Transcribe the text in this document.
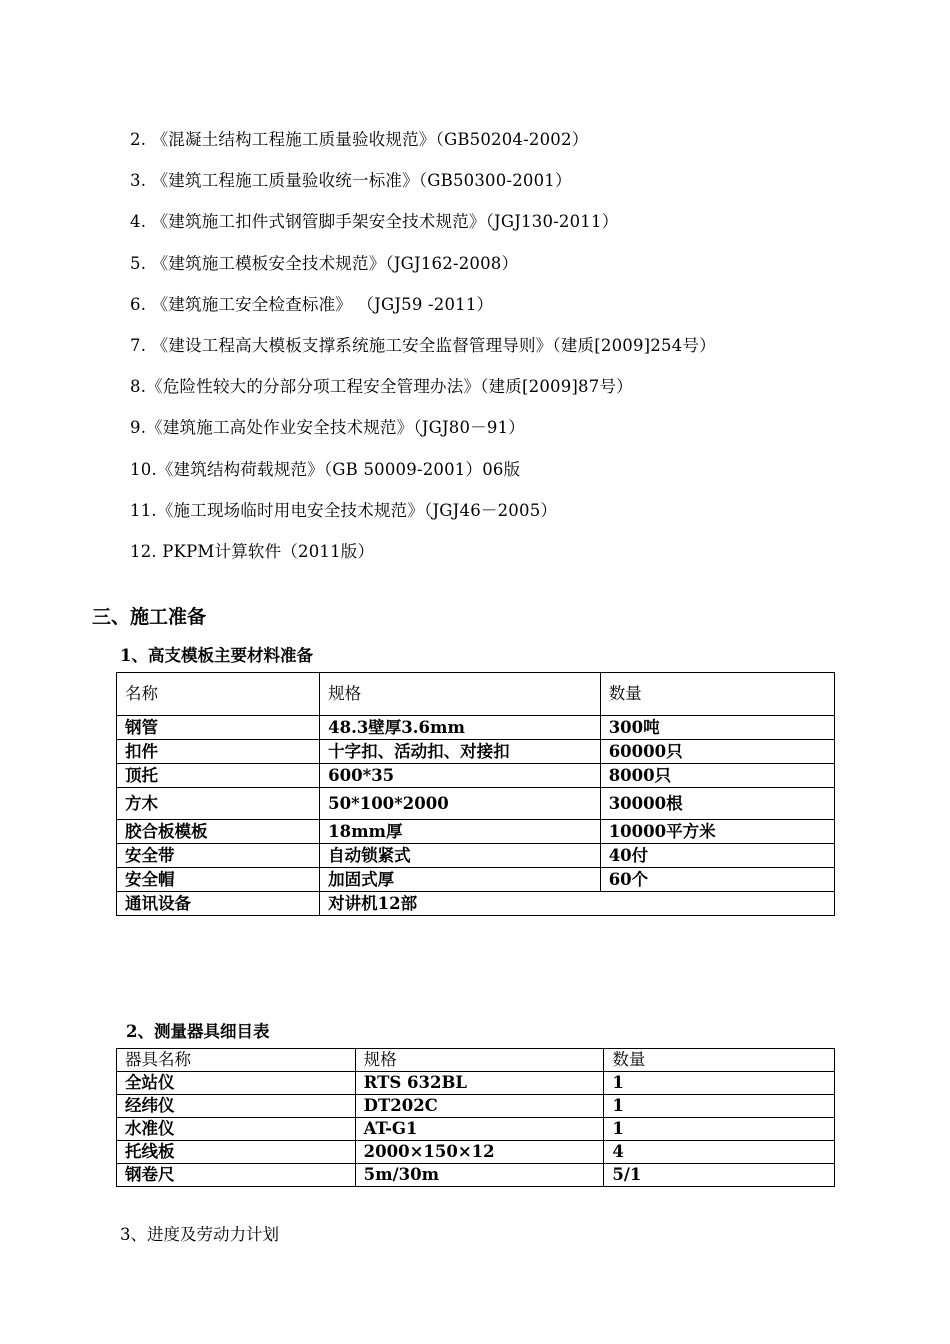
2. 《混凝土结构工程施工质量验收规范》（GB50204-2002）
3. 《建筑工程施工质量验收统一标准》（GB50300-2001）
4. 《建筑施工扣件式钢管脚手架安全技术规范》（JGJ130-2011）
5. 《建筑施工模板安全技术规范》（JGJ162-2008）
6. 《建筑施工安全检查标准》 （JGJ59 -2011）
7. 《建设工程高大模板支撑系统施工安全监督管理导则》（建质[2009]254号）
8.《危险性较大的分部分项工程安全管理办法》（建质[2009]87号）
9.《建筑施工高处作业安全技术规范》（JGJ80－91）
10.《建筑结构荷载规范》（GB 50009-2001）06版
11.《施工现场临时用电安全技术规范》（JGJ46－2005）
12. PKPM计算软件（2011版）
三、施工准备
1、高支模板主要材料准备
名称	规格	数量
钢管	48.3壁厚3.6mm	300吨
扣件	十字扣、活动扣、对接扣	60000只
顶托	600*35	8000只
方木	50*100*2000	30000根
胶合板模板	18mm厚	10000平方米
安全带	自动锁紧式	40付
安全帽	加固式厚	60个
通讯设备	对讲机12部	
2、测量器具细目表
器具名称	规格	数量
全站仪	RTS 632BL	1
经纬仪	DT202C	1
水准仪	AT-G1	1
托线板	2000×150×12	4
钢卷尺	5m/30m	5/1
3、进度及劳动力计划
